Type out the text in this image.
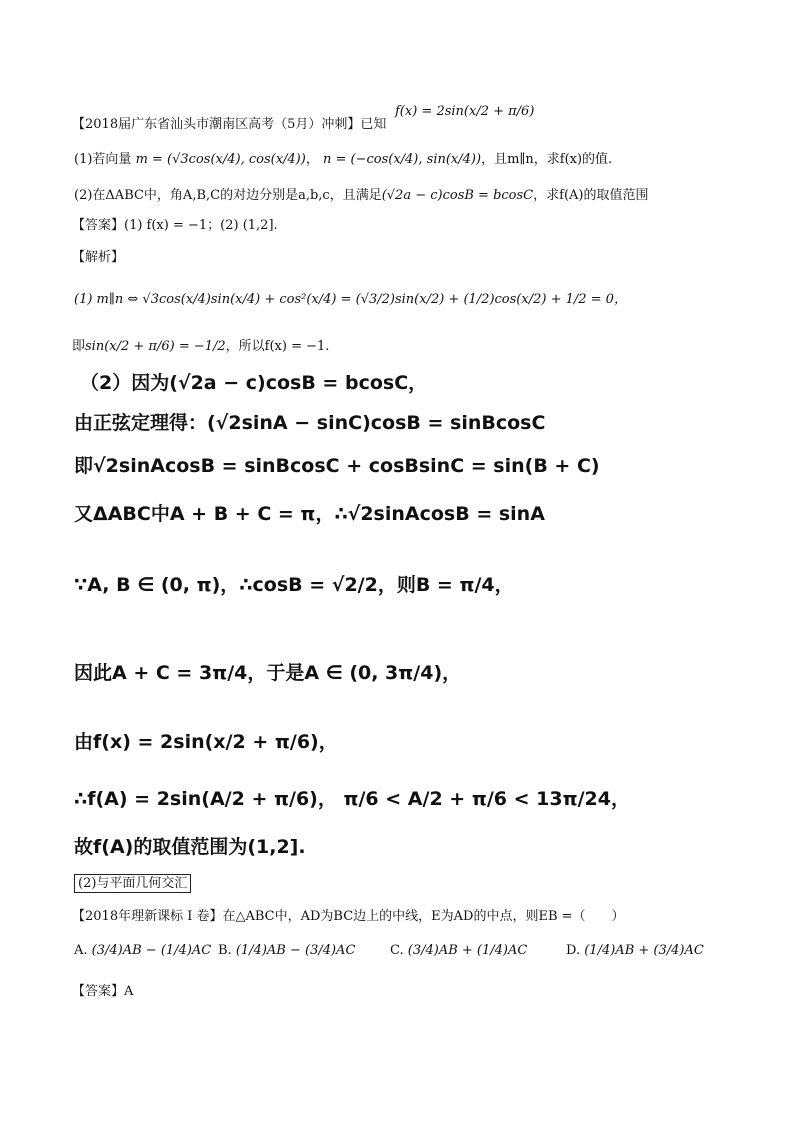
【2018届广东省汕头市潮南区高考（5月）冲刺】已知
f(x) = 2sin(x/2 + π/6)
(1)若向量 m = (√3cos(x/4), cos(x/4))， n = (−cos(x/4), sin(x/4))，且m∥n，求f(x)的值.
(2)在ΔABC中，角A,B,C的对边分别是a,b,c，且满足(√2a − c)cosB = bcosC，求f(A)的取值范围
【答案】(1) f(x) = −1；(2) (1,2].
【解析】
(1) m∥n ⇔ √3cos(x/4)sin(x/4) + cos²(x/4) = (√3/2)sin(x/2) + (1/2)cos(x/2) + 1/2 = 0，
即sin(x/2 + π/6) = −1/2，所以f(x) = −1.
（2）因为(√2a − c)cosB = bcosC，
由正弦定理得：(√2sinA − sinC)cosB = sinBcosC
即√2sinAcosB = sinBcosC + cosBsinC = sin(B + C)
又ΔABC中A + B + C = π，∴√2sinAcosB = sinA
∵A, B ∈ (0, π)，∴cosB = √2/2，则B = π/4，
因此A + C = 3π/4，于是A ∈ (0, 3π/4)，
由f(x) = 2sin(x/2 + π/6)，
∴f(A) = 2sin(A/2 + π/6)， π/6 < A/2 + π/6 < 13π/24，
故f(A)的取值范围为(1,2].
(2)与平面几何交汇
【2018年理新课标 I 卷】在△ABC中，AD为BC边上的中线，E为AD的中点，则EB =（　　）
A. (3/4)AB − (1/4)AC B. (1/4)AB − (3/4)AC	C. (3/4)AB + (1/4)AC	D. (1/4)AB + (3/4)AC
【答案】A
